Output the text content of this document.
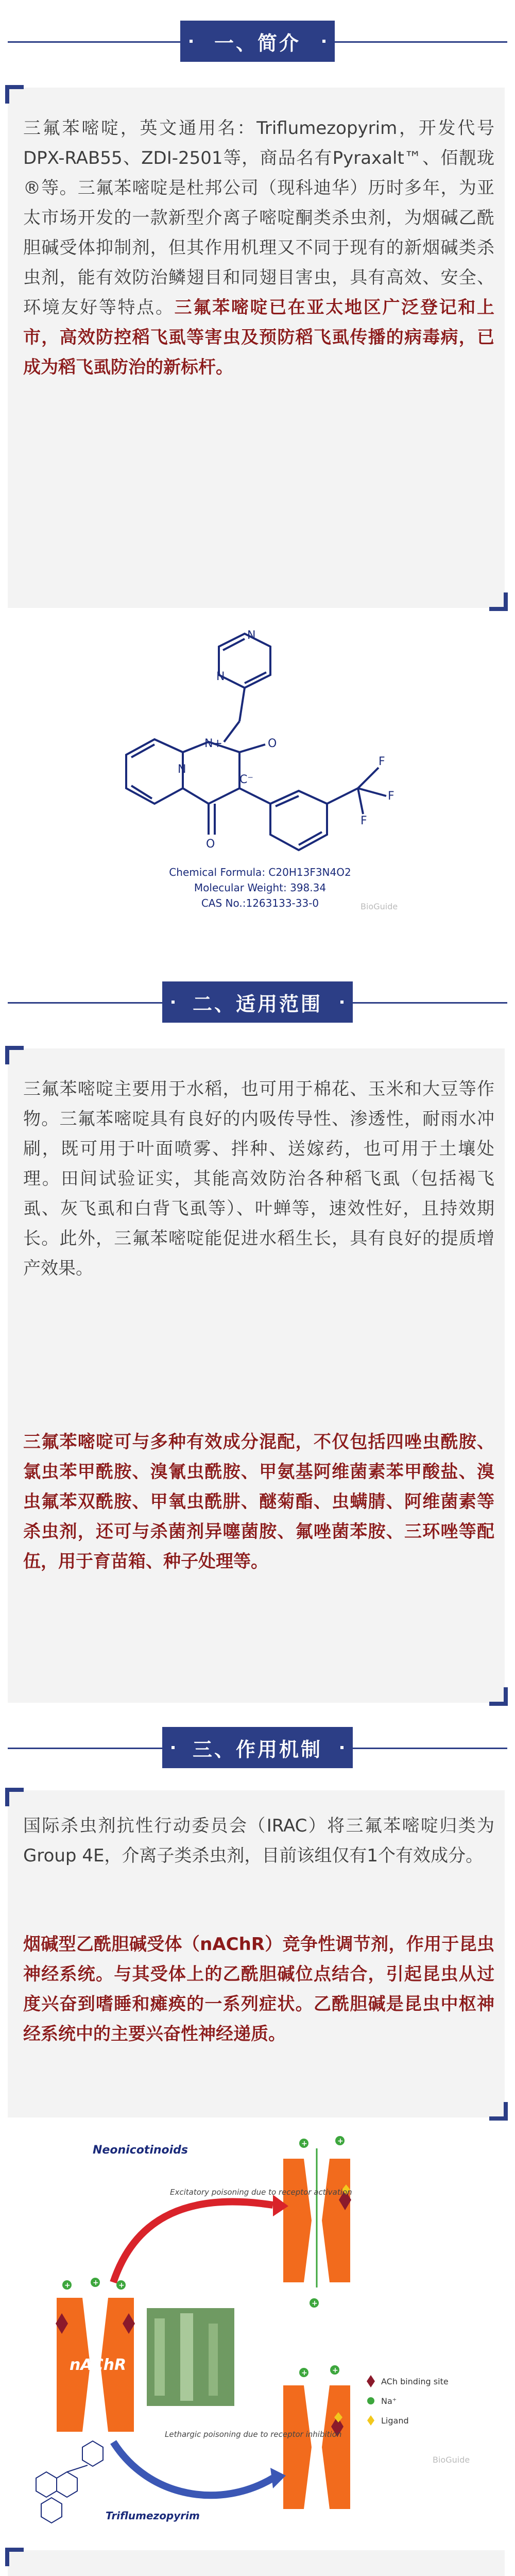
一、简介
三氟苯嘧啶，英文通用名：Triflumezopyrim，开发代号DPX-RAB55、ZDI-2501等，商品名有Pyraxalt™、佰靓珑®等。三氟苯嘧啶是杜邦公司（现科迪华）历时多年，为亚太市场开发的一款新型介离子嘧啶酮类杀虫剂，为烟碱乙酰胆碱受体抑制剂，但其作用机理又不同于现有的新烟碱类杀虫剂，能有效防治鳞翅目和同翅目害虫，具有高效、安全、环境友好等特点。三氟苯嘧啶已在亚太地区广泛登记和上市，高效防控稻飞虱等害虫及预防稻飞虱传播的病毒病，已成为稻飞虱防治的新标杆。
N
N
N+
N
O
O
C⁻
F
F
F
Chemical Formula: C20H13F3N4O2
Molecular Weight: 398.34
CAS No.:1263133-33-0	BioGuide
二、适用范围
三氟苯嘧啶主要用于水稻，也可用于棉花、玉米和大豆等作物。三氟苯嘧啶具有良好的内吸传导性、渗透性，耐雨水冲刷，既可用于叶面喷雾、拌种、送嫁药，也可用于土壤处理。田间试验证实，其能高效防治各种稻飞虱（包括褐飞虱、灰飞虱和白背飞虱等）、叶蝉等，速效性好，且持效期长。此外，三氟苯嘧啶能促进水稻生长，具有良好的提质增产效果。
三氟苯嘧啶可与多种有效成分混配，不仅包括四唑虫酰胺、氯虫苯甲酰胺、溴氰虫酰胺、甲氨基阿维菌素苯甲酸盐、溴虫氟苯双酰胺、甲氧虫酰肼、醚菊酯、虫螨腈、阿维菌素等杀虫剂，还可与杀菌剂异噻菌胺、氟唑菌苯胺、三环唑等配伍，用于育苗箱、种子处理等。
三、作用机制
国际杀虫剂抗性行动委员会（IRAC）将三氟苯嘧啶归类为Group 4E，介离子类杀虫剂，目前该组仅有1个有效成分。
烟碱型乙酰胆碱受体（nAChR）竞争性调节剂，作用于昆虫神经系统。与其受体上的乙酰胆碱位点结合，引起昆虫从过度兴奋到嗜睡和瘫痪的一系列症状。乙酰胆碱是昆虫中枢神经系统中的主要兴奋性神经递质。
Neonicotinoids
Excitatory poisoning due to receptor activation
nAChR
Lethargic poisoning due to receptor inhibition
Triflumezopyrim
ACh binding site
Na⁺
Ligand
+	+
+
+	+	+
+	+
BioGuide
